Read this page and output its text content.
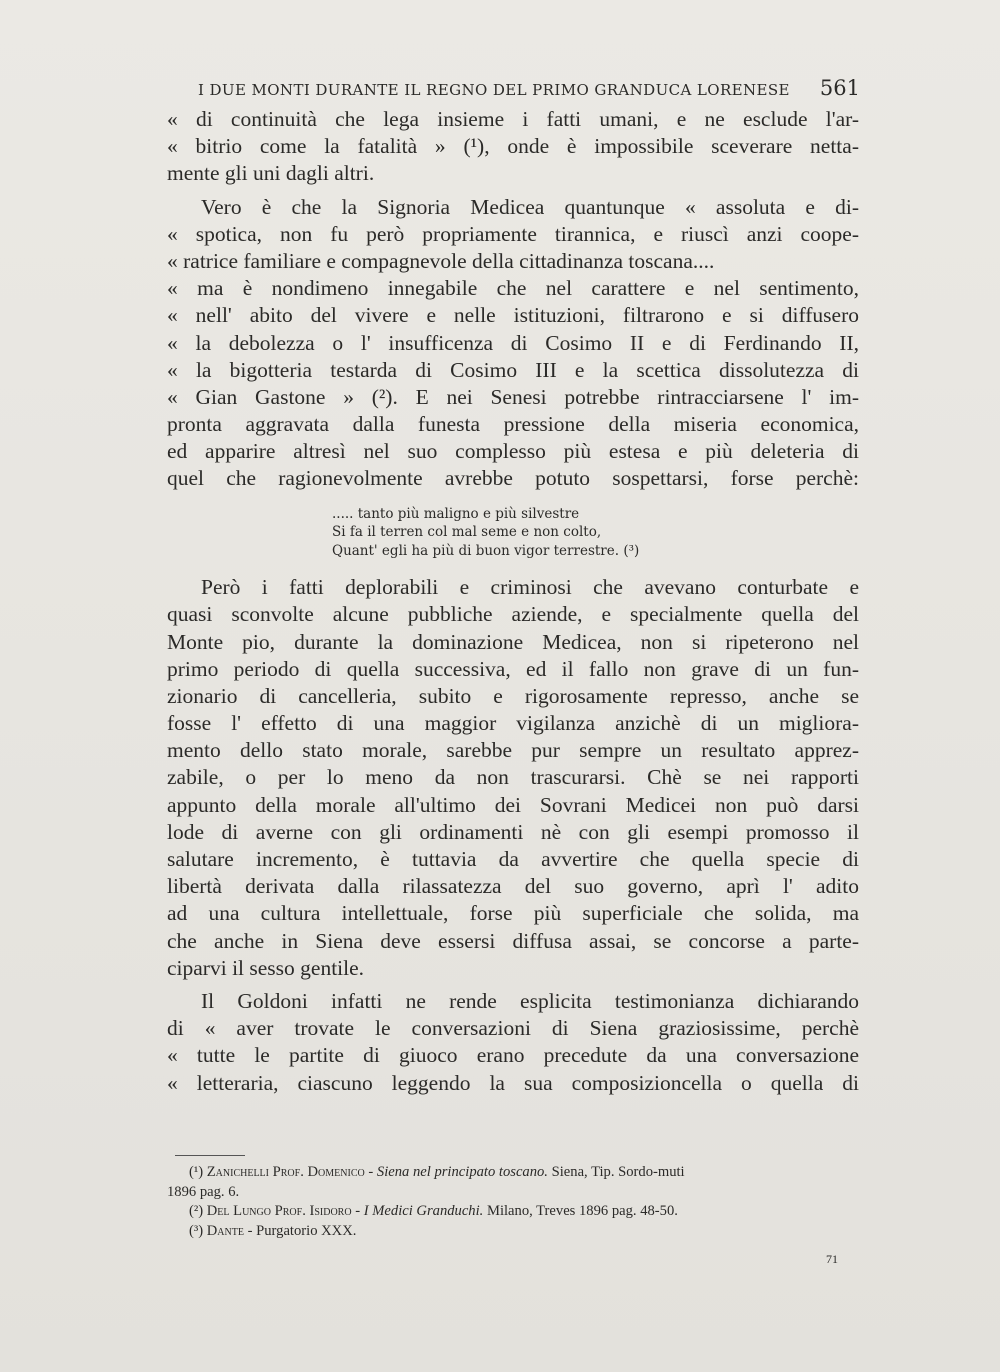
I DUE MONTI DURANTE IL REGNO DEL PRIMO GRANDUCA LORENESE 561
« di continuità che lega insieme i fatti umani, e ne esclude l'ar-
« bitrio come la fatalità » (¹), onde è impossibile sceverare netta-
mente gli uni dagli altri.
Vero è che la Signoria Medicea quantunque « assoluta e di-
« spotica, non fu però propriamente tirannica, e riuscì anzi coope-
« ratrice familiare e compagnevole della cittadinanza toscana....
« ma è nondimeno innegabile che nel carattere e nel sentimento,
« nell' abito del vivere e nelle istituzioni, filtrarono e si diffusero
« la debolezza o l' insufficenza di Cosimo II e di Ferdinando II,
« la bigotteria testarda di Cosimo III e la scettica dissolutezza di
« Gian Gastone » (²). E nei Senesi potrebbe rintracciarsene l' im-
pronta aggravata dalla funesta pressione della miseria economica,
ed apparire altresì nel suo complesso più estesa e più deleteria di
quel che ragionevolmente avrebbe potuto sospettarsi, forse perchè:
..... tanto più maligno e più silvestre
Si fa il terren col mal seme e non colto,
Quant' egli ha più di buon vigor terrestre. (³)
Però i fatti deplorabili e criminosi che avevano conturbate e
quasi sconvolte alcune pubbliche aziende, e specialmente quella del
Monte pio, durante la dominazione Medicea, non si ripeterono nel
primo periodo di quella successiva, ed il fallo non grave di un fun-
zionario di cancelleria, subito e rigorosamente represso, anche se
fosse l' effetto di una maggior vigilanza anzichè di un migliora-
mento dello stato morale, sarebbe pur sempre un resultato apprez-
zabile, o per lo meno da non trascurarsi. Chè se nei rapporti
appunto della morale all'ultimo dei Sovrani Medicei non può darsi
lode di averne con gli ordinamenti nè con gli esempi promosso il
salutare incremento, è tuttavia da avvertire che quella specie di
libertà derivata dalla rilassatezza del suo governo, aprì l' adito
ad una cultura intellettuale, forse più superficiale che solida, ma
che anche in Siena deve essersi diffusa assai, se concorse a parte-
ciparvi il sesso gentile.
Il Goldoni infatti ne rende esplicita testimonianza dichiarando
di « aver trovate le conversazioni di Siena graziosissime, perchè
« tutte le partite di giuoco erano precedute da una conversazione
« letteraria, ciascuno leggendo la sua composizioncella o quella di
(¹) Zanichelli Prof. Domenico - Siena nel principato toscano. Siena, Tip. Sordo-muti
1896 pag. 6.
(²) Del Lungo Prof. Isidoro - I Medici Granduchi. Milano, Treves 1896 pag. 48-50.
(³) Dante - Purgatorio XXX.
71
